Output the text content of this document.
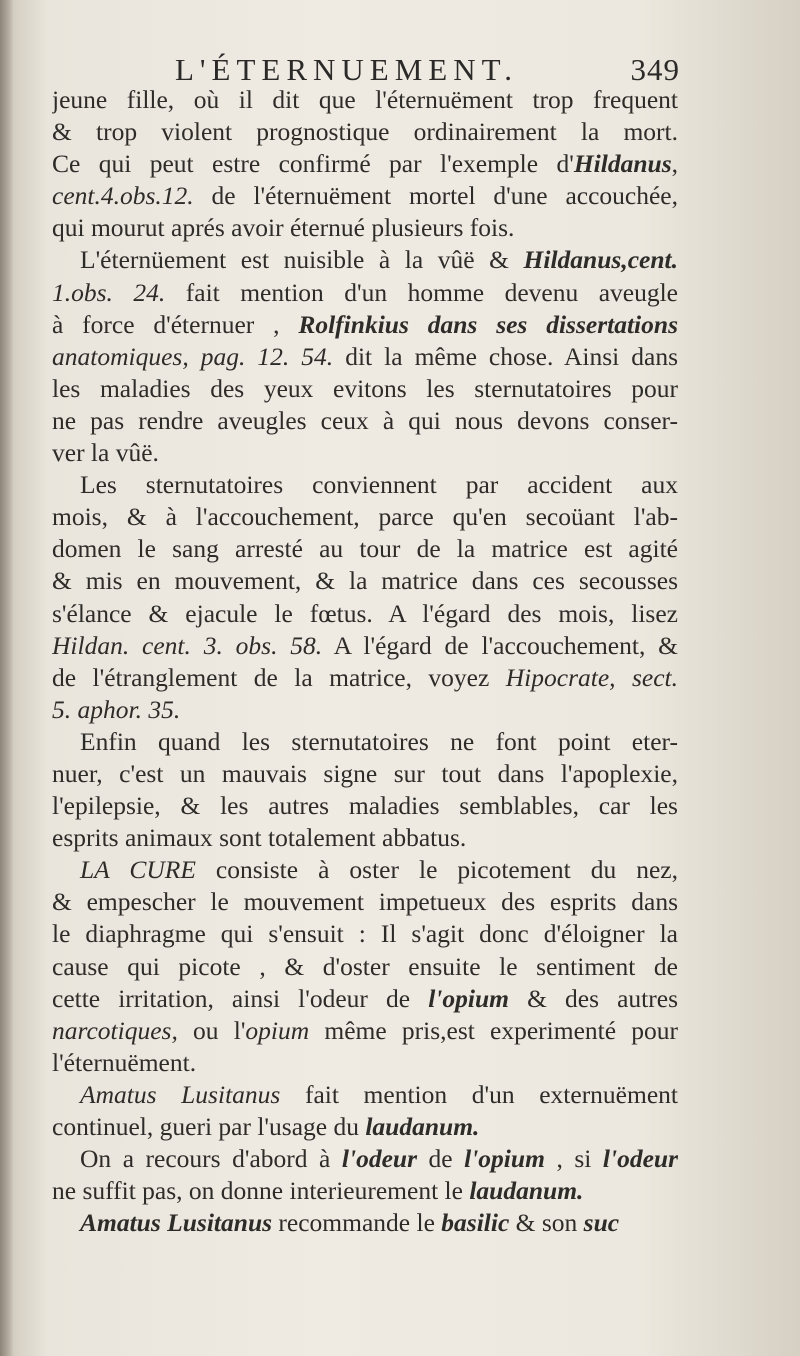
L'ÉTERNUEMENT.	349
jeune fille, où il dit que l'éternuëment trop frequent
& trop violent prognostique ordinairement la mort.
Ce qui peut estre confirmé par l'exemple d'Hildanus,
cent.4.obs.12. de l'éternuëment mortel d'une accouchée,
qui mourut aprés avoir éternué plusieurs fois.
L'éternüement est nuisible à la vûë & Hildanus,cent.
1.obs. 24. fait mention d'un homme devenu aveugle
à force d'éternuer , Rolfinkius dans ses dissertations
anatomiques, pag. 12. 54. dit la même chose. Ainsi dans
les maladies des yeux evitons les sternutatoires pour
ne pas rendre aveugles ceux à qui nous devons conser-
ver la vûë.
Les sternutatoires conviennent par accident aux
mois, & à l'accouchement, parce qu'en secoüant l'ab-
domen le sang arresté au tour de la matrice est agité
& mis en mouvement, & la matrice dans ces secousses
s'élance & ejacule le fœtus. A l'égard des mois, lisez
Hildan. cent. 3. obs. 58. A l'égard de l'accouchement, &
de l'étranglement de la matrice, voyez Hipocrate, sect.
5. aphor. 35.
Enfin quand les sternutatoires ne font point eter-
nuer, c'est un mauvais signe sur tout dans l'apoplexie,
l'epilepsie, & les autres maladies semblables, car les
esprits animaux sont totalement abbatus.
LA CURE consiste à oster le picotement du nez,
& empescher le mouvement impetueux des esprits dans
le diaphragme qui s'ensuit : Il s'agit donc d'éloigner la
cause qui picote , & d'oster ensuite le sentiment de
cette irritation, ainsi l'odeur de l'opium & des autres
narcotiques, ou l'opium même pris,est experimenté pour
l'éternuëment.
Amatus Lusitanus fait mention d'un externuëment
continuel, gueri par l'usage du laudanum.
On a recours d'abord à l'odeur de l'opium , si l'odeur
ne suffit pas, on donne interieurement le laudanum.
Amatus Lusitanus recommande le basilic & son suc
